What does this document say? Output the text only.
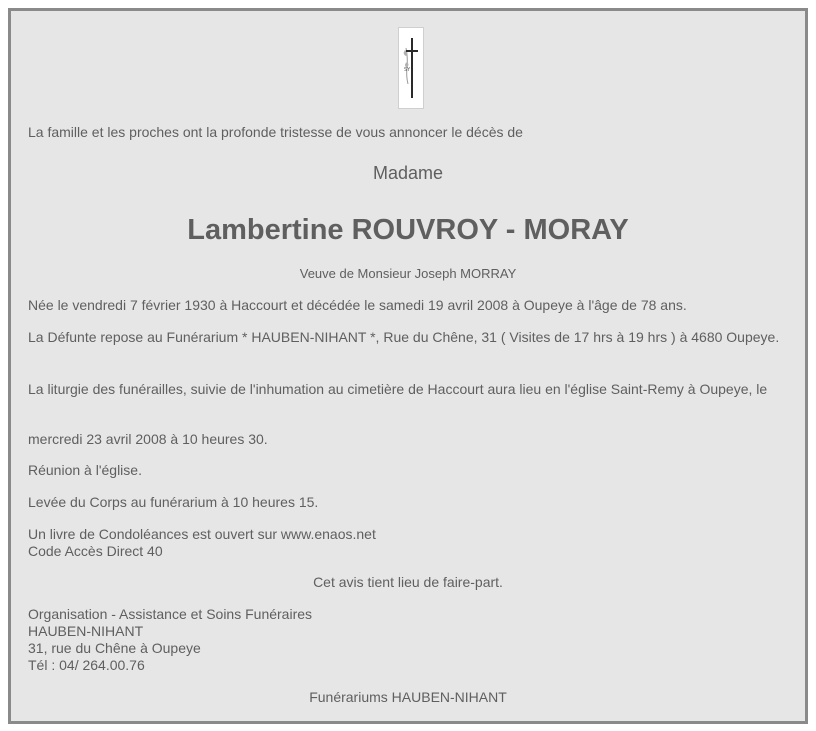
SY

La famille et les proches ont la profonde tristesse de vous annoncer le décès de

Madame

Lambertine ROUVROY - MORAY

Veuve de Monsieur Joseph MORRAY

Née le vendredi 7 février 1930 à Haccourt et décédée le samedi 19 avril 2008 à Oupeye à l'âge de 78 ans.

La Défunte repose au Funérarium * HAUBEN-NIHANT *, Rue du Chêne, 31 ( Visites de 17 hrs à 19 hrs ) à 4680 Oupeye.

La liturgie des funérailles, suivie de l'inhumation au cimetière de Haccourt aura lieu en l'église Saint-Remy à Oupeye, le

mercredi 23 avril 2008 à 10 heures 30.

Réunion à l'église.

Levée du Corps au funérarium à 10 heures 15.

Un livre de Condoléances est ouvert sur www.enaos.net
Code Accès Direct 40

Cet avis tient lieu de faire-part.

Organisation - Assistance et Soins Funéraires
HAUBEN-NIHANT
31, rue du Chêne à Oupeye
Tél : 04/ 264.00.76

Funérariums HAUBEN-NIHANT
